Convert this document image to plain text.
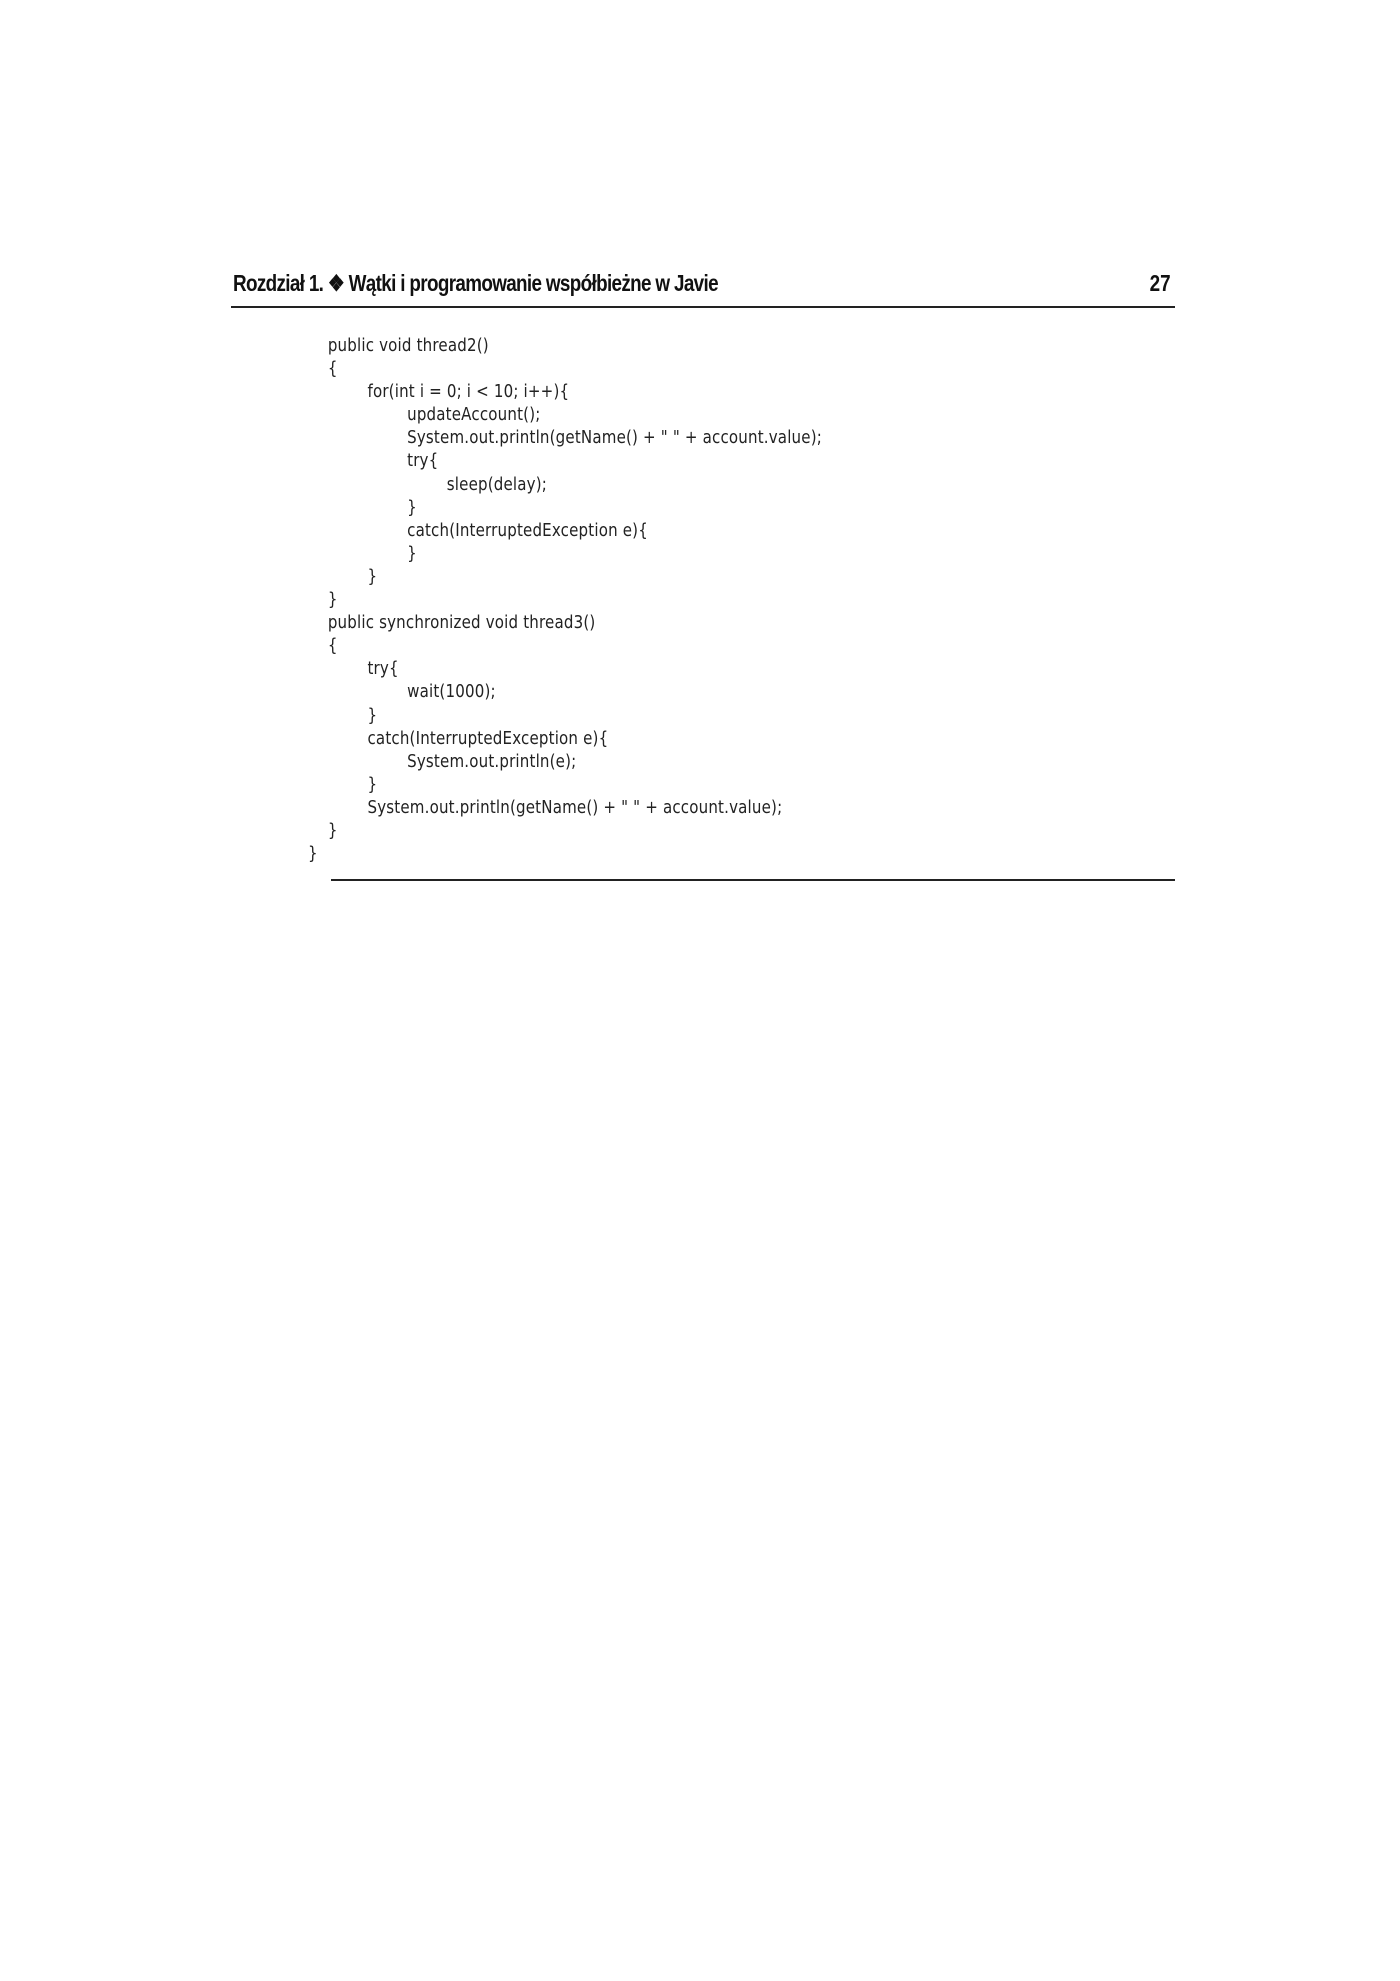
Rozdział 1. ❖ Wątki i programowanie współbieżne w Javie	27
public void thread2()
{
for(int i = 0; i < 10; i++){
updateAccount();
System.out.println(getName() + " " + account.value);
try{
sleep(delay);
}
catch(InterruptedException e){
}
}
}
public synchronized void thread3()
{
try{
wait(1000);
}
catch(InterruptedException e){
System.out.println(e);
}
System.out.println(getName() + " " + account.value);
}
}
